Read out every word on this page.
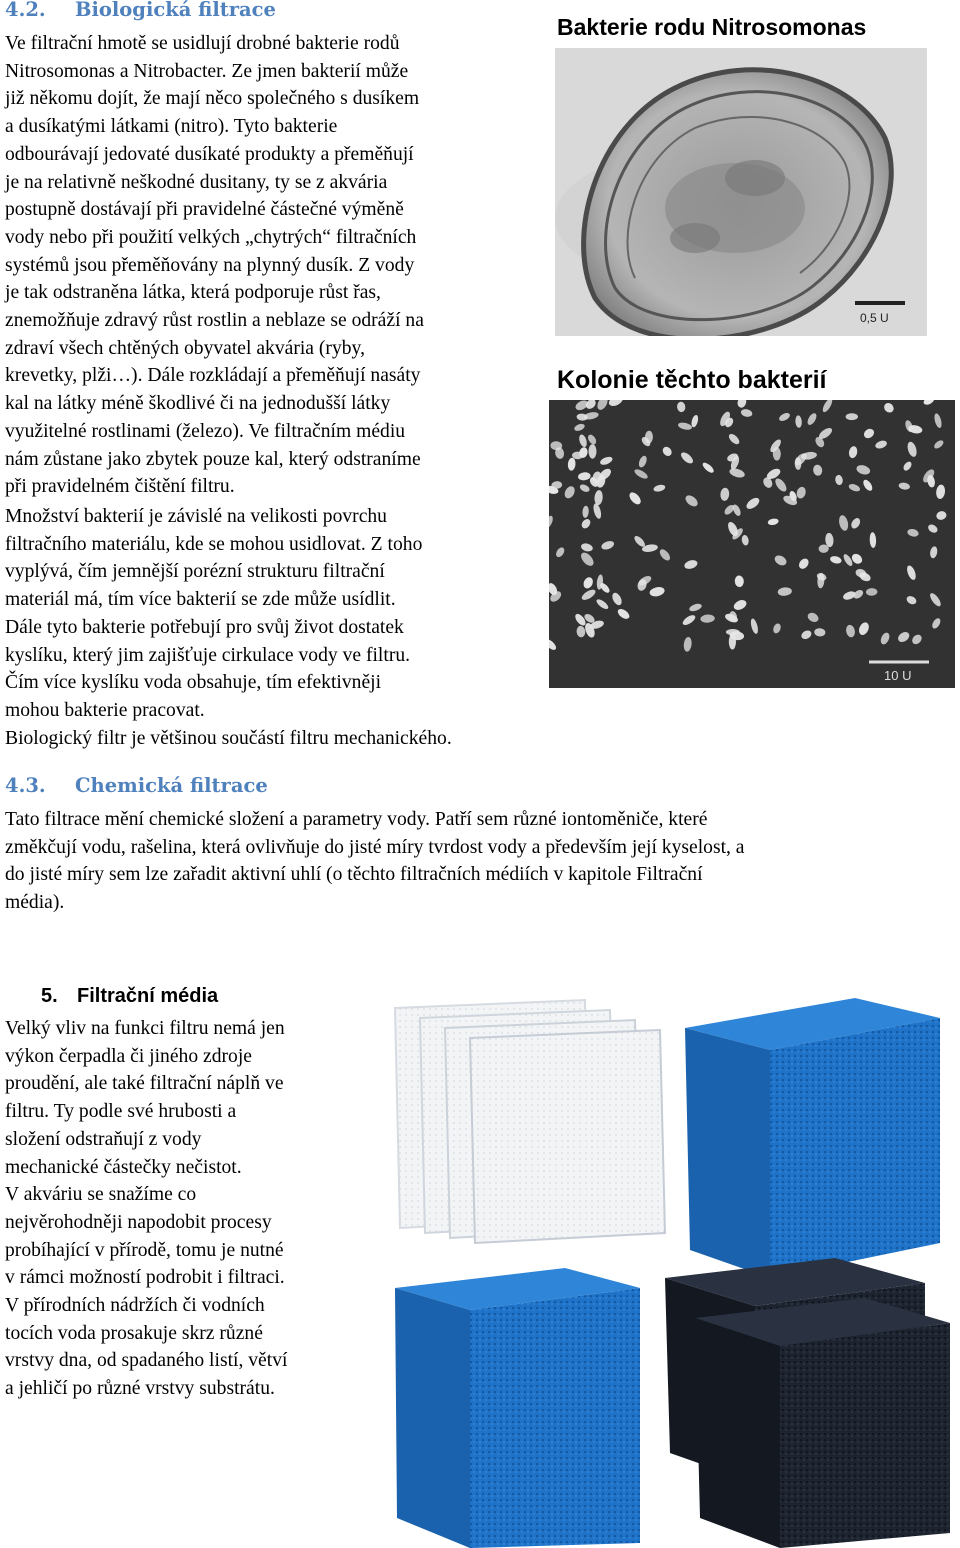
4.2. Biologická filtrace

Ve filtrační hmotě se usidlují drobné bakterie rodů
Nitrosomonas a Nitrobacter. Ze jmen bakterií může
již někomu dojít, že mají něco společného s dusíkem
a dusíkatými látkami (nitro). Tyto bakterie
odbourávají jedovaté dusíkaté produkty a přeměňují
je na relativně neškodné dusitany, ty se z akvária
postupně dostávají při pravidelné částečné výměně
vody nebo při použití velkých „chytrých“ filtračních
systémů jsou přeměňovány na plynný dusík. Z vody
je tak odstraněna látka, která podporuje růst řas,
znemožňuje zdravý růst rostlin a neblaze se odráží na
zdraví všech chtěných obyvatel akvária (ryby,
krevetky, plži…). Dále rozkládají a přeměňují nasáty
kal na látky méně škodlivé či na jednodušší látky
využitelné rostlinami (železo). Ve filtračním médiu
nám zůstane jako zbytek pouze kal, který odstraníme
při pravidelném čištění filtru.

Množství bakterií je závislé na velikosti povrchu
filtračního materiálu, kde se mohou usidlovat. Z toho
vyplývá, čím jemnější porézní strukturu filtrační
materiál má, tím více bakterií se zde může usídlit.
Dále tyto bakterie potřebují pro svůj život dostatek
kyslíku, který jim zajišťuje cirkulace vody ve filtru.
Čím více kyslíku voda obsahuje, tím efektivněji
mohou bakterie pracovat.
Biologický filtr je většinou součástí filtru mechanického.

Bakterie rodu Nitrosomonas
0,5 U
Kolonie těchto bakterií
10 U
4.3. Chemická filtrace

Tato filtrace mění chemické složení a parametry vody. Patří sem různé iontoměniče, které
změkčují vodu, rašelina, která ovlivňuje do jisté míry tvrdost vody a především její kyselost, a
do jisté míry sem lze zařadit aktivní uhlí (o těchto filtračních médiích v kapitole Filtrační
média).

5. Filtrační média

Velký vliv na funkci filtru nemá jen
výkon čerpadla či jiného zdroje
proudění, ale také filtrační náplň ve
filtru. Ty podle své hrubosti a
složení odstraňují z vody
mechanické částečky nečistot.
V akváriu se snažíme co
nejvěrohodněji napodobit procesy
probíhající v přírodě, tomu je nutné
v rámci možností podrobit i filtraci.
V přírodních nádržích či vodních
tocích voda prosakuje skrz různé
vrstvy dna, od spadaného listí, větví
a jehličí po různé vrstvy substrátu.
